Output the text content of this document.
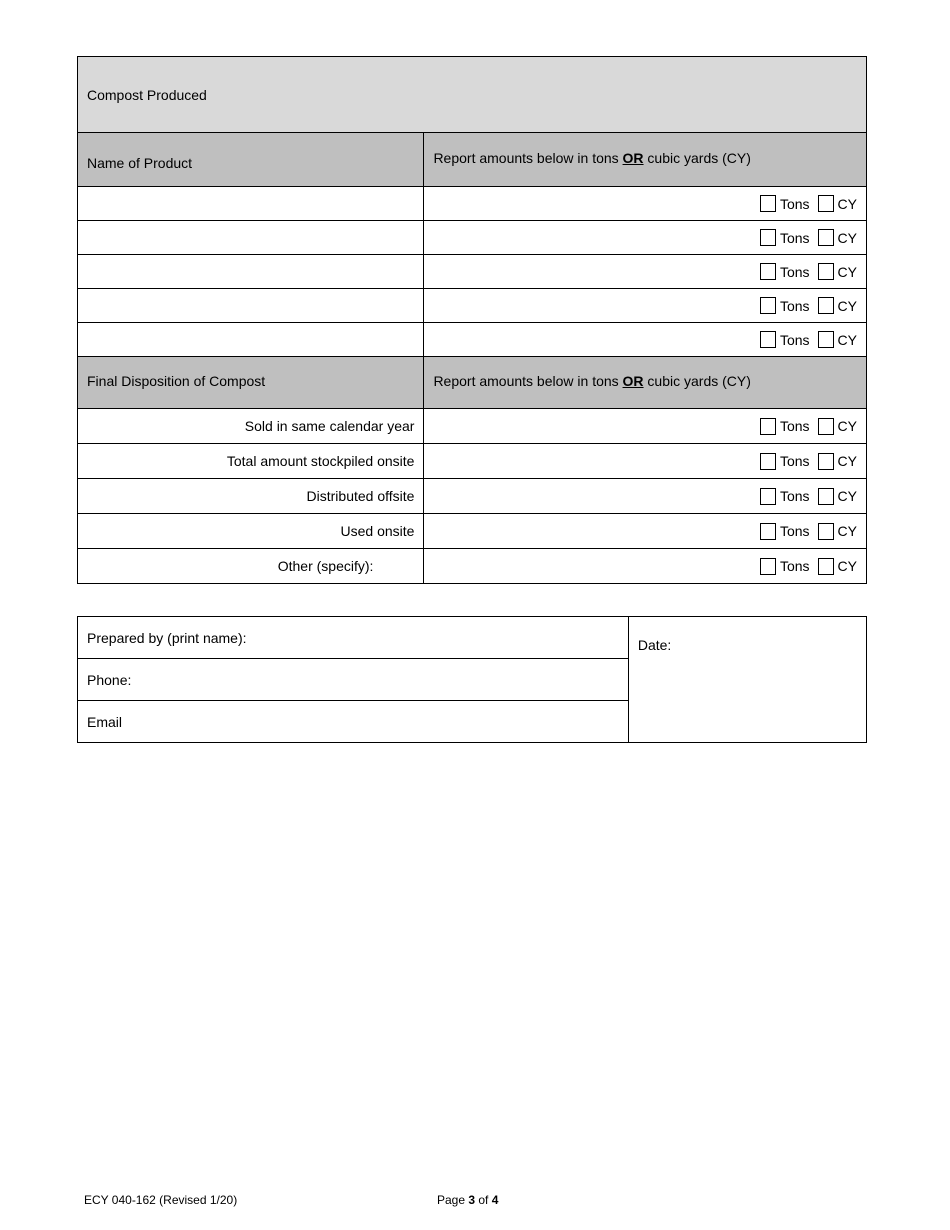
Compost Produced	
Name of Product	Report amounts below in tons OR cubic yards (CY)
	Tons CY
	Tons CY
	Tons CY
	Tons CY
	Tons CY
Final Disposition of Compost	Report amounts below in tons OR cubic yards (CY)
Sold in same calendar year	Tons CY
Total amount stockpiled onsite	Tons CY
Distributed offsite	Tons CY
Used onsite	Tons CY
Other (specify):	Tons CY
Prepared by (print name):	Date:
Phone:
Email
ECY 040-162 (Revised 1/20)	Page 3 of 4
